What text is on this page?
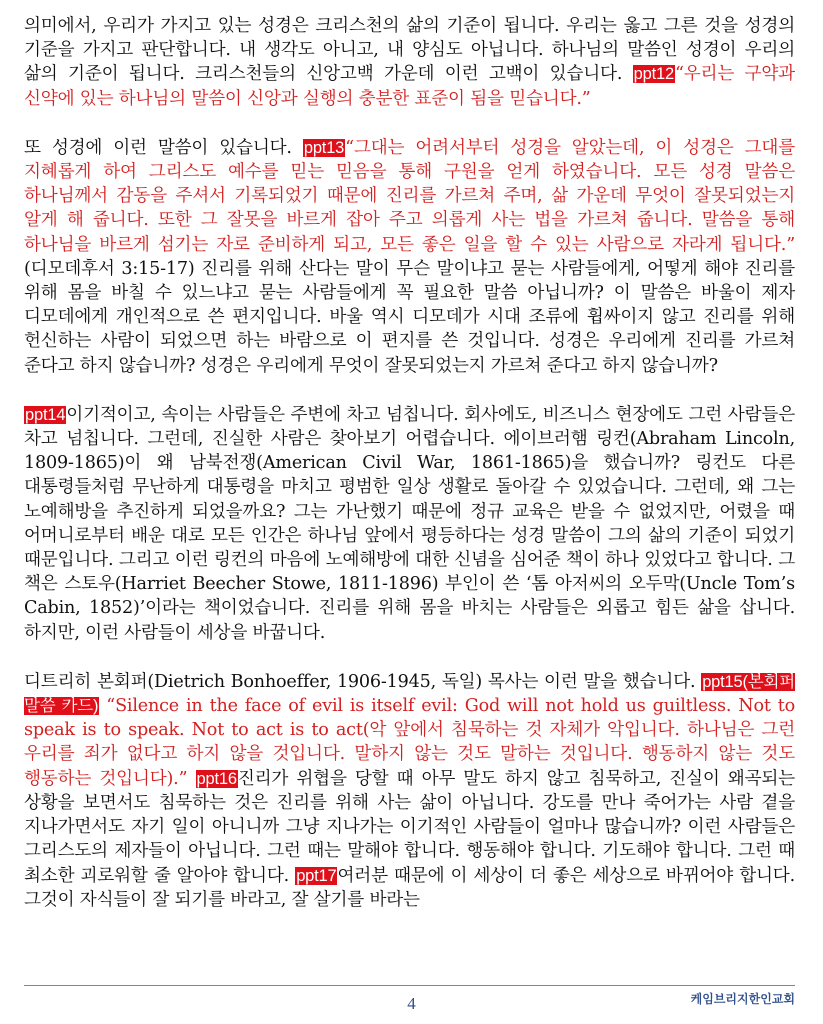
의미에서, 우리가 가지고 있는 성경은 크리스천의 삶의 기준이 됩니다. 우리는 옳고 그른 것을 성경의 기준을 가지고 판단합니다. 내 생각도 아니고, 내 양심도 아닙니다. 하나님의 말씀인 성경이 우리의 삶의 기준이 됩니다. 크리스천들의 신앙고백 가운데 이런 고백이 있습니다. ppt12“우리는 구약과 신약에 있는 하나님의 말씀이 신앙과 실행의 충분한 표준이 됨을 믿습니다.”

또 성경에 이런 말씀이 있습니다. ppt13“그대는 어려서부터 성경을 알았는데, 이 성경은 그대를 지혜롭게 하여 그리스도 예수를 믿는 믿음을 통해 구원을 얻게 하였습니다. 모든 성경 말씀은 하나님께서 감동을 주셔서 기록되었기 때문에 진리를 가르쳐 주며, 삶 가운데 무엇이 잘못되었는지 알게 해 줍니다. 또한 그 잘못을 바르게 잡아 주고 의롭게 사는 법을 가르쳐 줍니다. 말씀을 통해 하나님을 바르게 섬기는 자로 준비하게 되고, 모든 좋은 일을 할 수 있는 사람으로 자라게 됩니다.” (디모데후서 3:15-17) 진리를 위해 산다는 말이 무슨 말이냐고 묻는 사람들에게, 어떻게 해야 진리를 위해 몸을 바칠 수 있느냐고 묻는 사람들에게 꼭 필요한 말씀 아닙니까? 이 말씀은 바울이 제자 디모데에게 개인적으로 쓴 편지입니다. 바울 역시 디모데가 시대 조류에 휩싸이지 않고 진리를 위해 헌신하는 사람이 되었으면 하는 바람으로 이 편지를 쓴 것입니다. 성경은 우리에게 진리를 가르쳐 준다고 하지 않습니까? 성경은 우리에게 무엇이 잘못되었는지 가르쳐 준다고 하지 않습니까?

ppt14이기적이고, 속이는 사람들은 주변에 차고 넘칩니다. 회사에도, 비즈니스 현장에도 그런 사람들은 차고 넘칩니다. 그런데, 진실한 사람은 찾아보기 어렵습니다. 에이브러햄 링컨(Abraham Lincoln, 1809-1865)이 왜 남북전쟁(American Civil War, 1861-1865)을 했습니까? 링컨도 다른 대통령들처럼 무난하게 대통령을 마치고 평범한 일상 생활로 돌아갈 수 있었습니다. 그런데, 왜 그는 노예해방을 추진하게 되었을까요? 그는 가난했기 때문에 정규 교육은 받을 수 없었지만, 어렸을 때 어머니로부터 배운 대로 모든 인간은 하나님 앞에서 평등하다는 성경 말씀이 그의 삶의 기준이 되었기 때문입니다. 그리고 이런 링컨의 마음에 노예해방에 대한 신념을 심어준 책이 하나 있었다고 합니다. 그 책은 스토우(Harriet Beecher Stowe, 1811-1896) 부인이 쓴 ‘톰 아저씨의 오두막(Uncle Tom’s Cabin, 1852)’이라는 책이었습니다. 진리를 위해 몸을 바치는 사람들은 외롭고 힘든 삶을 삽니다. 하지만, 이런 사람들이 세상을 바꿉니다.

디트리히 본회퍼(Dietrich Bonhoeffer, 1906-1945, 독일) 목사는 이런 말을 했습니다. ppt15(본회퍼 말씀 카드) “Silence in the face of evil is itself evil: God will not hold us guiltless. Not to speak is to speak. Not to act is to act(악 앞에서 침묵하는 것 자체가 악입니다. 하나님은 그런 우리를 죄가 없다고 하지 않을 것입니다. 말하지 않는 것도 말하는 것입니다. 행동하지 않는 것도 행동하는 것입니다).” ppt16진리가 위협을 당할 때 아무 말도 하지 않고 침묵하고, 진실이 왜곡되는 상황을 보면서도 침묵하는 것은 진리를 위해 사는 삶이 아닙니다. 강도를 만나 죽어가는 사람 곁을 지나가면서도 자기 일이 아니니까 그냥 지나가는 이기적인 사람들이 얼마나 많습니까? 이런 사람들은 그리스도의 제자들이 아닙니다. 그런 때는 말해야 합니다. 행동해야 합니다. 기도해야 합니다. 그런 때 최소한 괴로워할 줄 알아야 합니다. ppt17여러분 때문에 이 세상이 더 좋은 세상으로 바뀌어야 합니다. 그것이 자식들이 잘 되기를 바라고, 잘 살기를 바라는

4	케임브리지한인교회
